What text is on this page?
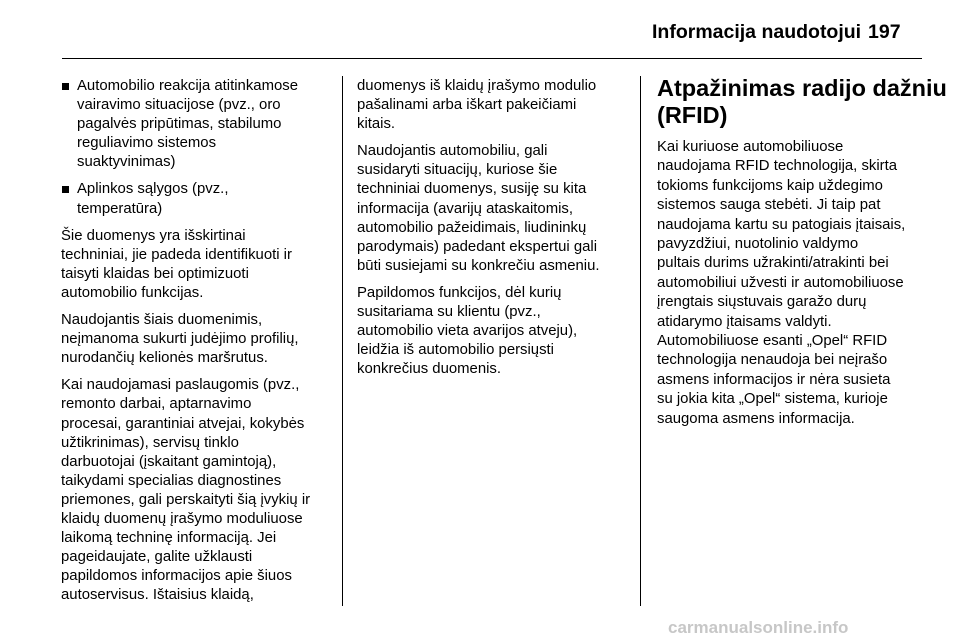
Informacija naudotojui 197
Automobilio reakcija atitinkamose
vairavimo situacijose (pvz., oro
pagalvės pripūtimas, stabilumo
reguliavimo sistemos
suaktyvinimas)
Aplinkos sąlygos (pvz.,
temperatūra)

Šie duomenys yra išskirtinai
techniniai, jie padeda identifikuoti ir
taisyti klaidas bei optimizuoti
automobilio funkcijas.

Naudojantis šiais duomenimis,
neįmanoma sukurti judėjimo profilių,
nurodančių kelionės maršrutus.

Kai naudojamasi paslaugomis (pvz.,
remonto darbai, aptarnavimo
procesai, garantiniai atvejai, kokybės
užtikrinimas), servisų tinklo
darbuotojai (įskaitant gamintoją),
taikydami specialias diagnostines
priemones, gali perskaityti šią įvykių ir
klaidų duomenų įrašymo moduliuose
laikomą techninę informaciją. Jei
pageidaujate, galite užklausti
papildomos informacijos apie šiuos
autoservisus. Ištaisius klaidą,

duomenys iš klaidų įrašymo modulio
pašalinami arba iškart pakeičiami
kitais.

Naudojantis automobiliu, gali
susidaryti situacijų, kuriose šie
techniniai duomenys, susiję su kita
informacija (avarijų ataskaitomis,
automobilio pažeidimais, liudininkų
parodymais) padedant ekspertui gali
būti susiejami su konkrečiu asmeniu.

Papildomos funkcijos, dėl kurių
susitariama su klientu (pvz.,
automobilio vieta avarijos atveju),
leidžia iš automobilio persiųsti
konkrečius duomenis.

Atpažinimas radijo dažniu
(RFID)
Kai kuriuose automobiliuose
naudojama RFID technologija, skirta
tokioms funkcijoms kaip uždegimo
sistemos sauga stebėti. Ji taip pat
naudojama kartu su patogiais įtaisais,
pavyzdžiui, nuotolinio valdymo
pultais durims užrakinti/atrakinti bei
automobiliui užvesti ir automobiliuose
įrengtais siųstuvais garažo durų
atidarymo įtaisams valdyti.
Automobiliuose esanti „Opel“ RFID
technologija nenaudoja bei neįrašo
asmens informacijos ir nėra susieta
su jokia kita „Opel“ sistema, kurioje
saugoma asmens informacija.
carmanualsonline.info
